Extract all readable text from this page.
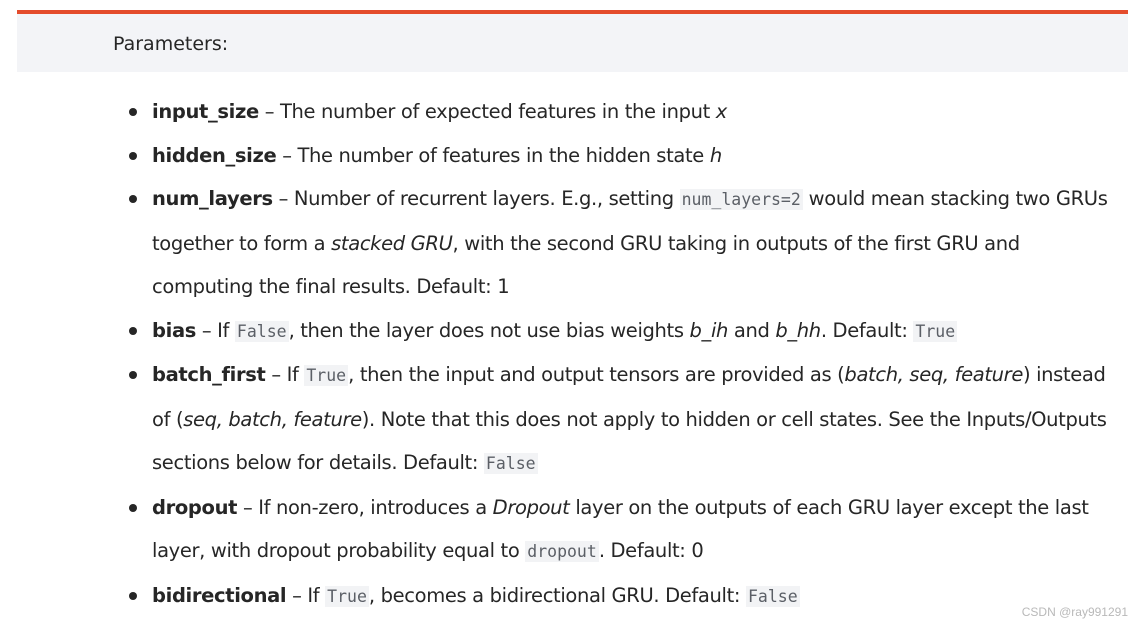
Parameters:
input_size – The number of expected features in the input x
hidden_size – The number of features in the hidden state h
num_layers – Number of recurrent layers. E.g., setting num_layers=2 would mean stacking two GRUs together to form a stacked GRU, with the second GRU taking in outputs of the first GRU and computing the final results. Default: 1
bias – If False , then the layer does not use bias weights b_ih and b_hh. Default: True
batch_first – If True , then the input and output tensors are provided as (batch, seq, feature) instead of (seq, batch, feature). Note that this does not apply to hidden or cell states. See the Inputs/Outputs sections below for details. Default: False
dropout – If non-zero, introduces a Dropout layer on the outputs of each GRU layer except the last layer, with dropout probability equal to dropout . Default: 0
bidirectional – If True , becomes a bidirectional GRU. Default: False
CSDN @ray991291
